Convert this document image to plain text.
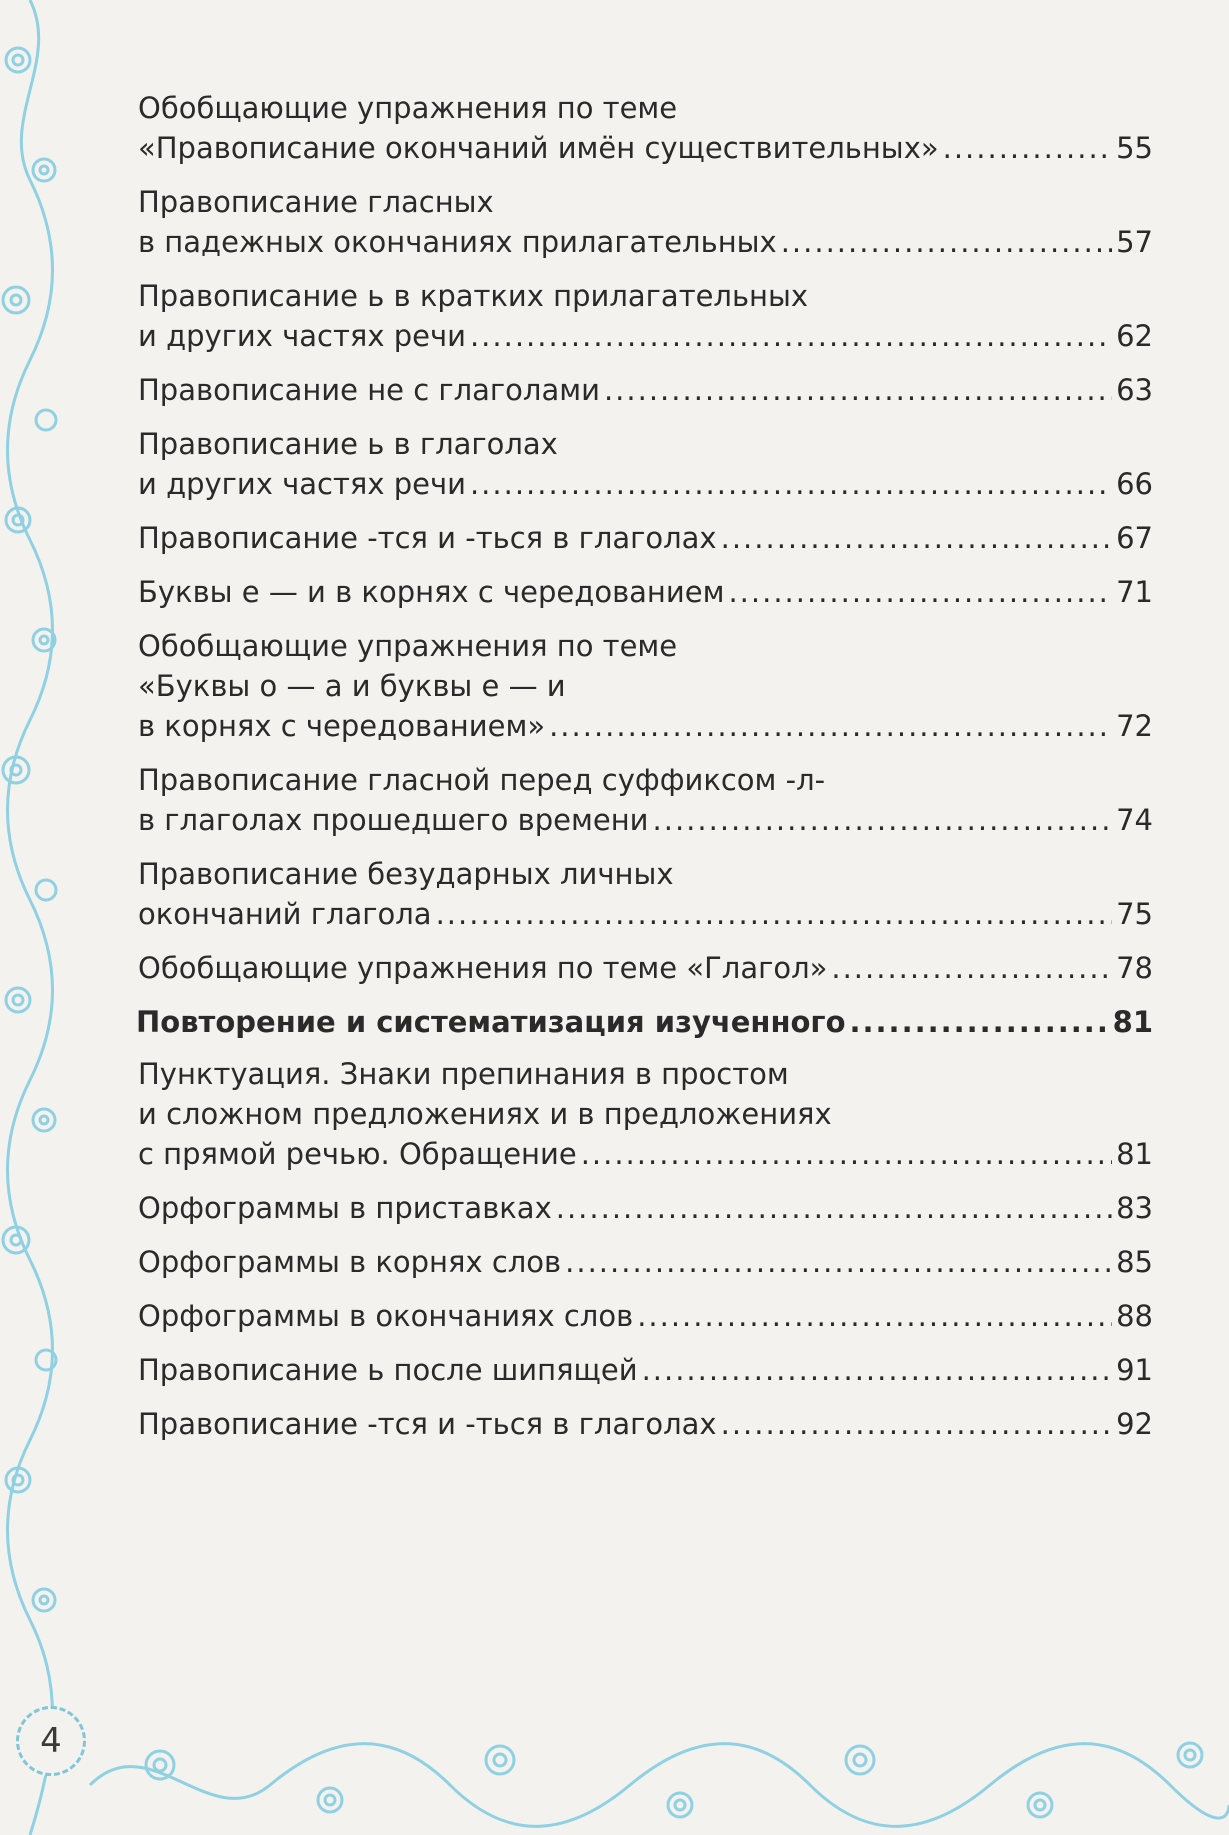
4
Обобщающие упражнения по теме
«Правописание окончаний имён существительных» .....	55
Правописание гласных
в падежных окончаниях прилагательных .....	57
Правописание ь в кратких прилагательных
и других частях речи .....	62
Правописание не с глаголами .....	63
Правописание ь в глаголах
и других частях речи .....	66
Правописание -тся и -ться в глаголах .....	67
Буквы е — и в корнях с чередованием .....	71
Обобщающие упражнения по теме
«Буквы о — а и буквы е — и
в корнях с чередованием» .....	72
Правописание гласной перед суффиксом -л-
в глаголах прошедшего времени .....	74
Правописание безударных личных
окончаний глагола .....	75
Обобщающие упражнения по теме «Глагол» .....	78
Повторение и систематизация изученного .....	81
Пунктуация. Знаки препинания в простом
и сложном предложениях и в предложениях
с прямой речью. Обращение .....	81
Орфограммы в приставках .....	83
Орфограммы в корнях слов .....	85
Орфограммы в окончаниях слов .....	88
Правописание ь после шипящей .....	91
Правописание -тся и -ться в глаголах .....	92
